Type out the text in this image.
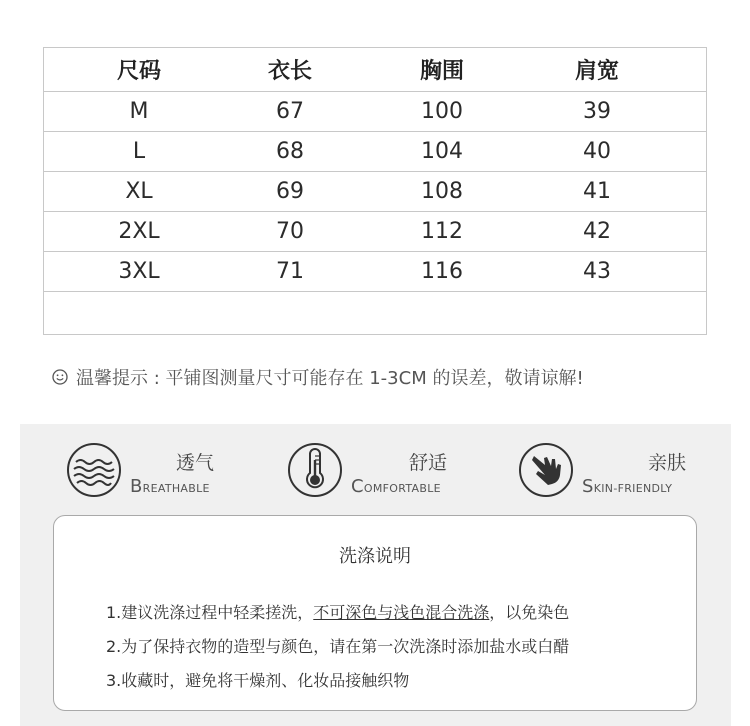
尺码	衣长	胸围	肩宽
M	67	100	39
L	68	104	40
XL	69	108	41
2XL	70	112	42
3XL	71	116	43
温馨提示 : 平铺图测量尺寸可能存在 1-3CM 的误差，敬请谅解!
透气
BREATHABLE
舒适
COMFORTABLE
亲肤
SKIN-FRIENDLY
洗涤说明
1.建议洗涤过程中轻柔搓洗，不可深色与浅色混合洗涤，以免染色
2.为了保持衣物的造型与颜色，请在第一次洗涤时添加盐水或白醋
3.收藏时，避免将干燥剂、化妆品接触织物
